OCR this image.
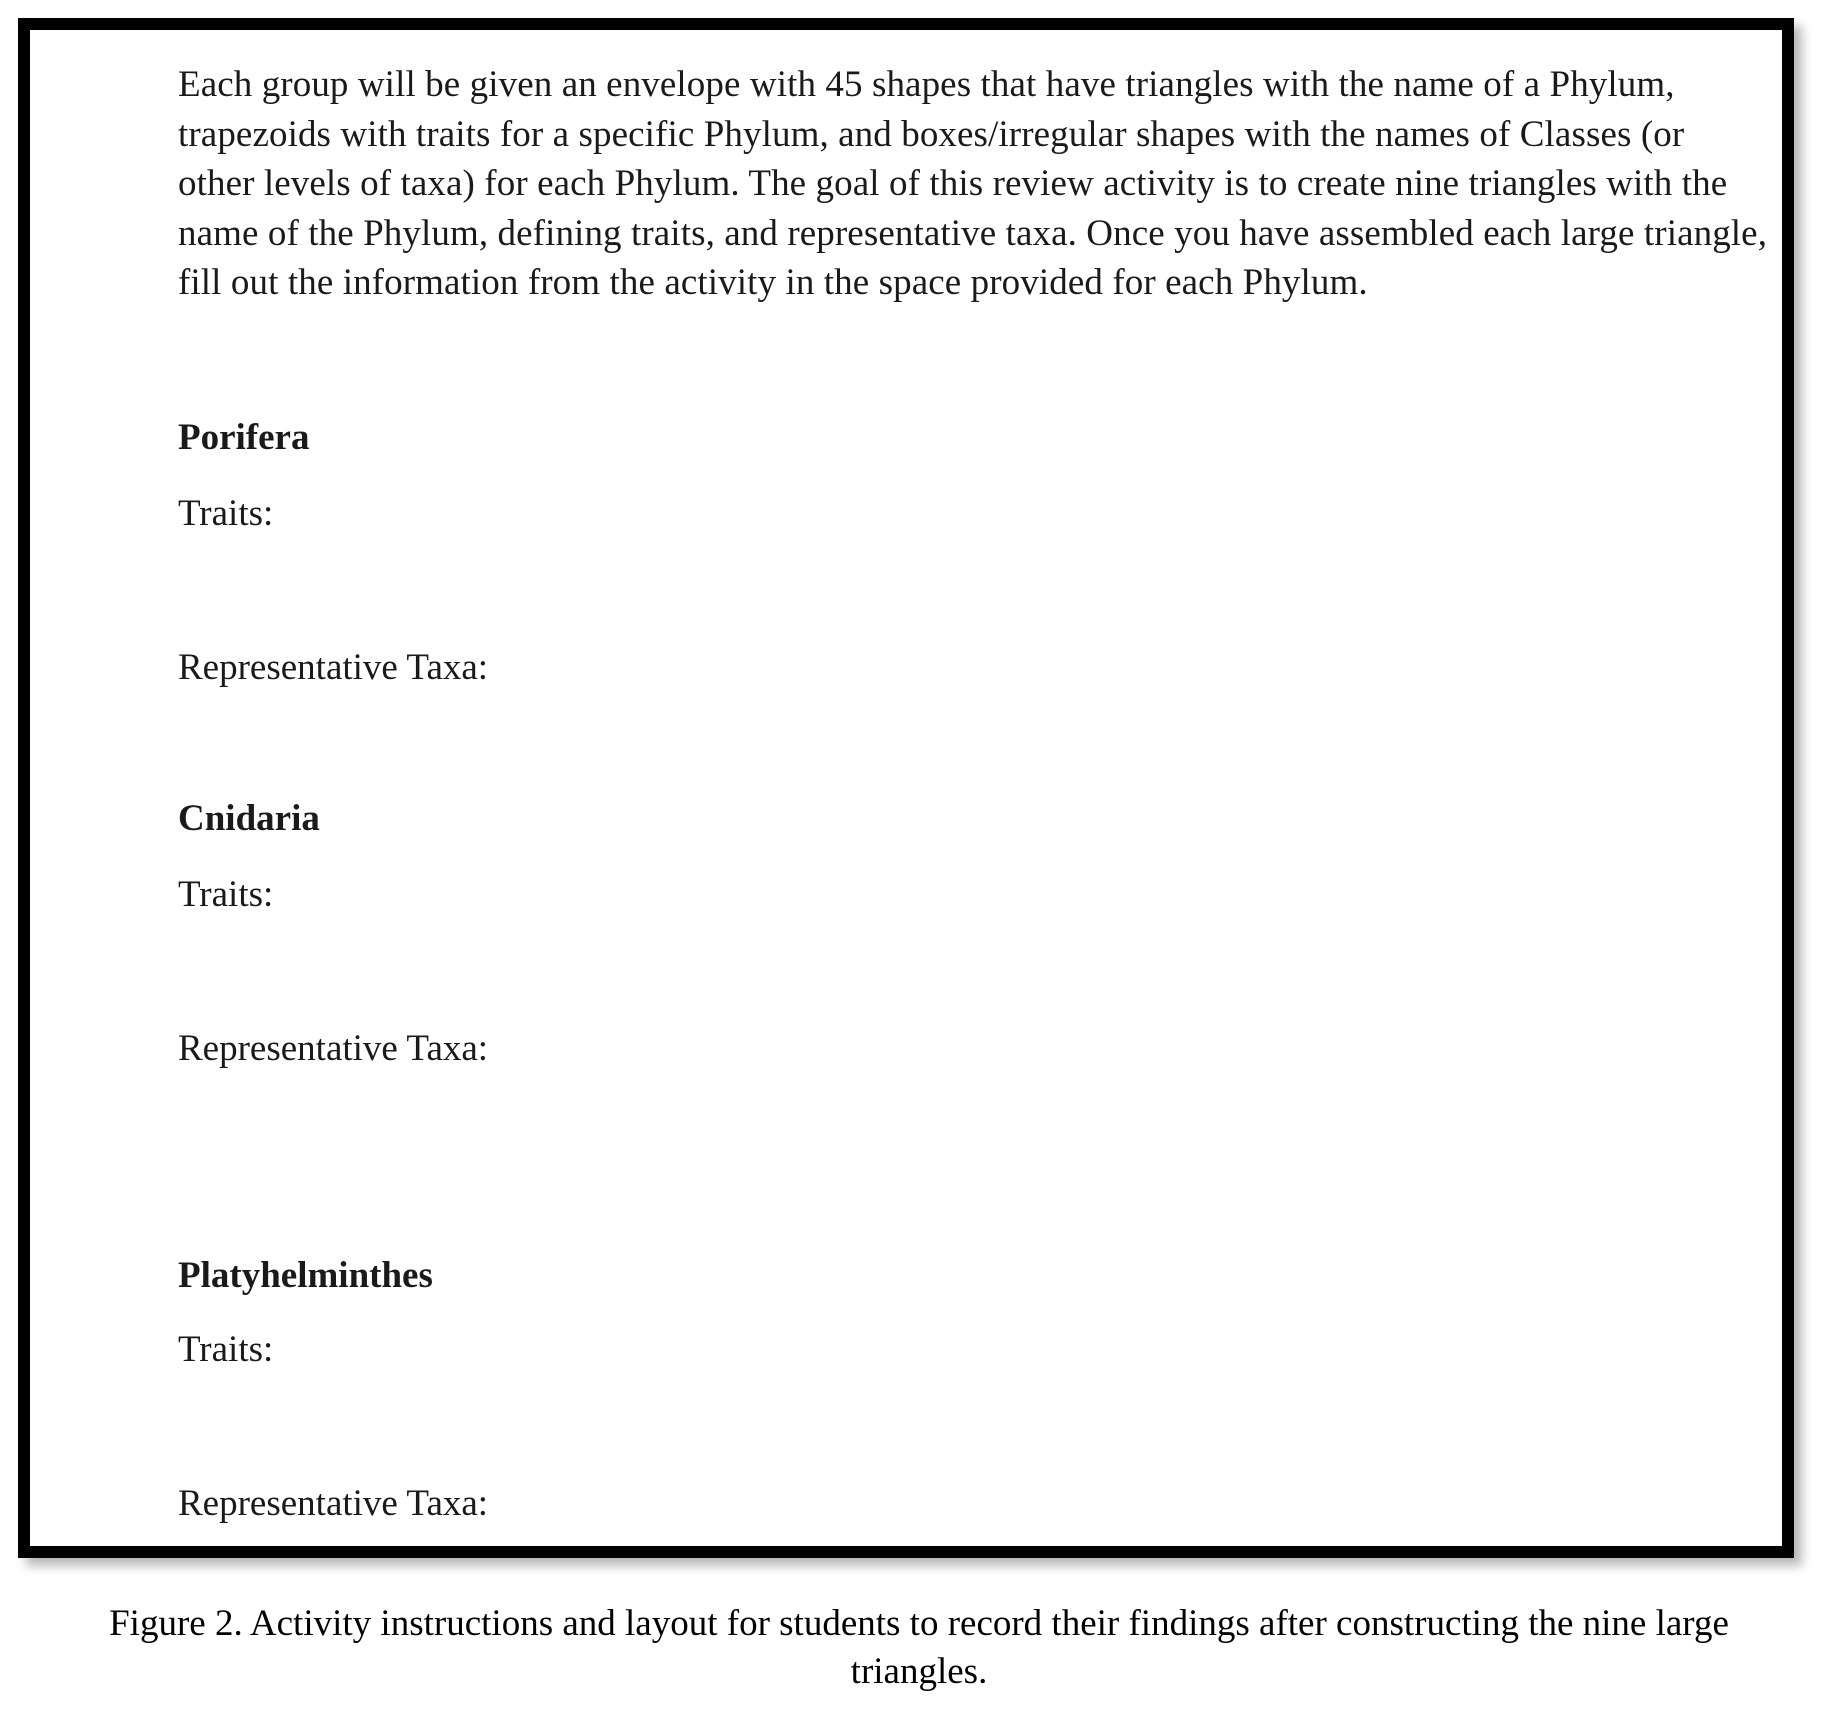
Each group will be given an envelope with 45 shapes that have triangles with the name of a Phylum, trapezoids with traits for a specific Phylum, and boxes/irregular shapes with the names of Classes (or other levels of taxa) for each Phylum. The goal of this review activity is to create nine triangles with the name of the Phylum, defining traits, and representative taxa. Once you have assembled each large triangle, fill out the information from the activity in the space provided for each Phylum.

Porifera

Traits:

Representative Taxa:

Cnidaria

Traits:

Representative Taxa:

Platyhelminthes

Traits:

Representative Taxa:

Figure 2. Activity instructions and layout for students to record their findings after constructing the nine large triangles.
